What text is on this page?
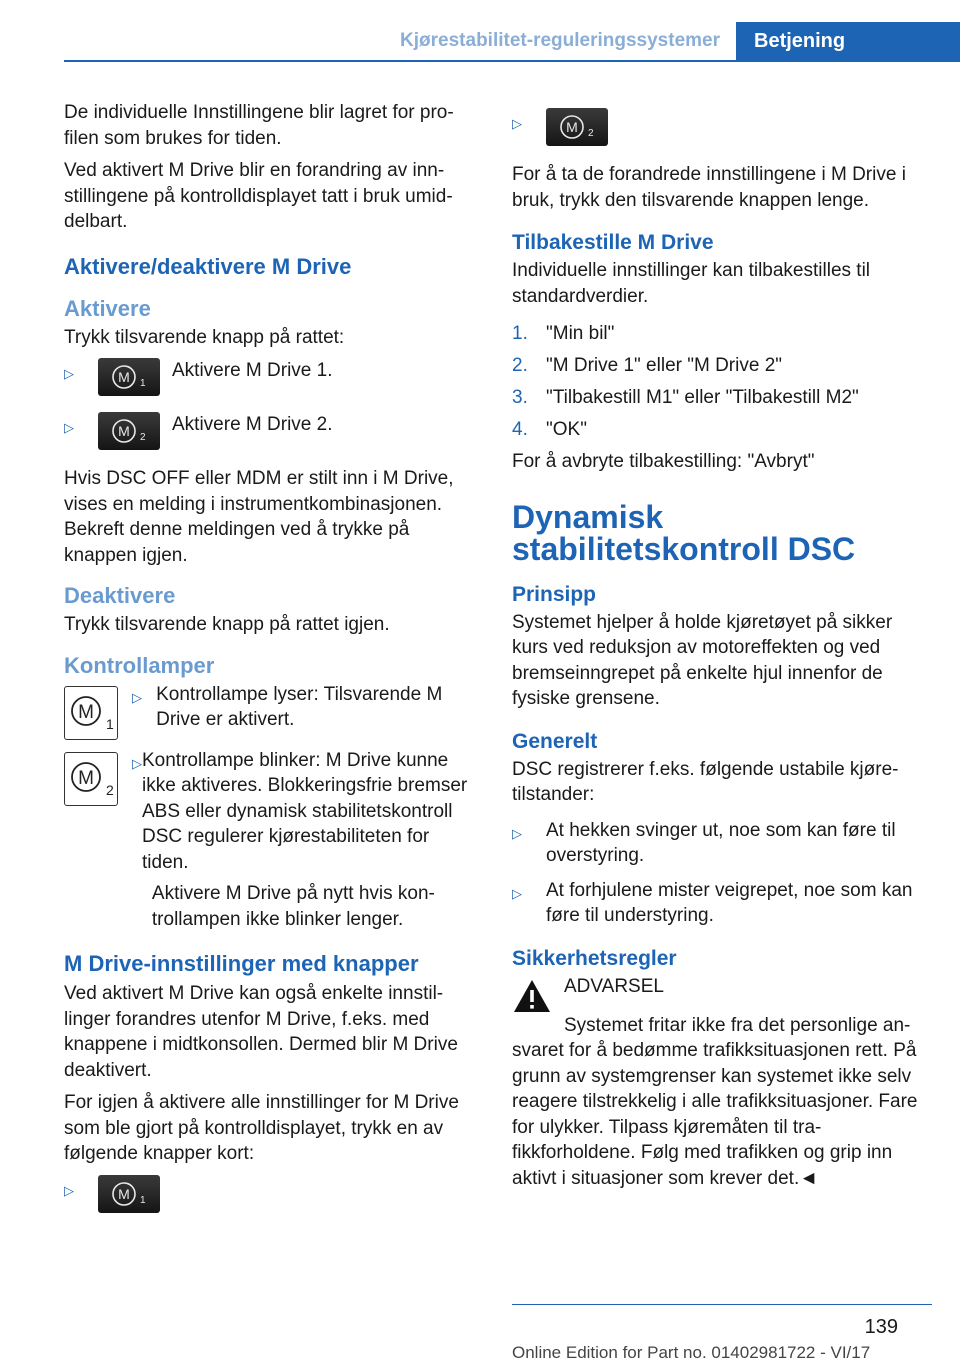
Kjørestabilitet-reguleringssystemer	Betjening

De individuelle Innstillingene blir lagret for profilen som brukes for tiden.

Ved aktivert M Drive blir en forandring av innstillingene på kontrolldisplayet tatt i bruk umiddelbart.

Aktivere/deaktivere M Drive
Aktivere

Trykk tilsvarende knapp på rattet:

▷	M 1
Aktivere M Drive 1.
▷	M 2
Aktivere M Drive 2.

Hvis DSC OFF eller MDM er stilt inn i M Drive, vises en melding i instrumentkombinasjonen. Bekreft denne meldingen ved å trykke på knappen igjen.

Deaktivere

Trykk tilsvarende knapp på rattet igjen.

Kontrollamper
M
1
▷ Kontrollampe lyser: Tilsvarende M Drive er aktivert.
M
2
▷ Kontrollampe blinker: M Drive kunne ikke aktiveres. Blokkeringsfrie bremser ABS eller dynamisk stabilitetskontroll DSC regulerer kjørestabiliteten for tiden.
Aktivere M Drive på nytt hvis kontrollampen ikke blinker lenger.
M Drive-innstillinger med knapper

Ved aktivert M Drive kan også enkelte innstillinger forandres utenfor M Drive, f.eks. med knappene i midtkonsollen. Dermed blir M Drive deaktivert.

For igjen å aktivere alle innstillinger for M Drive som ble gjort på kontrolldisplayet, trykk en av følgende knapper kort:

▷	M 1
▷	M 2

For å ta de forandrede innstillingene i M Drive i bruk, trykk den tilsvarende knappen lenge.

Tilbakestille M Drive

Individuelle innstillinger kan tilbakestilles til standardverdier.

1. "Min bil"
2. "M Drive 1" eller "M Drive 2"
3. "Tilbakestill M1" eller "Tilbakestill M2"
4. "OK"

For å avbryte tilbakestilling: "Avbryt"

Dynamisk stabilitetskontroll DSC
Prinsipp

Systemet hjelper å holde kjøretøyet på sikker kurs ved reduksjon av motoreffekten og ved bremseinngrepet på enkelte hjul innenfor de fysiske grensene.

Generelt

DSC registrerer f.eks. følgende ustabile kjøretilstander:

▷	At hekken svinger ut, noe som kan føre til overstyring.
▷	At forhjulene mister veigrepet, noe som kan føre til understyring.
Sikkerhetsregler
ADVARSEL

Systemet fritar ikke fra det personlige ansvaret for å bedømme trafikksituasjonen rett. På grunn av systemgrenser kan systemet ikke selv reagere tilstrekkelig i alle trafikksituasjoner. Fare for ulykker. Tilpass kjøremåten til trafikkforholdene. Følg med trafikken og grip inn aktivt i situasjoner som krever det.◄

139
Online Edition for Part no. 01402981722 - VI/17
